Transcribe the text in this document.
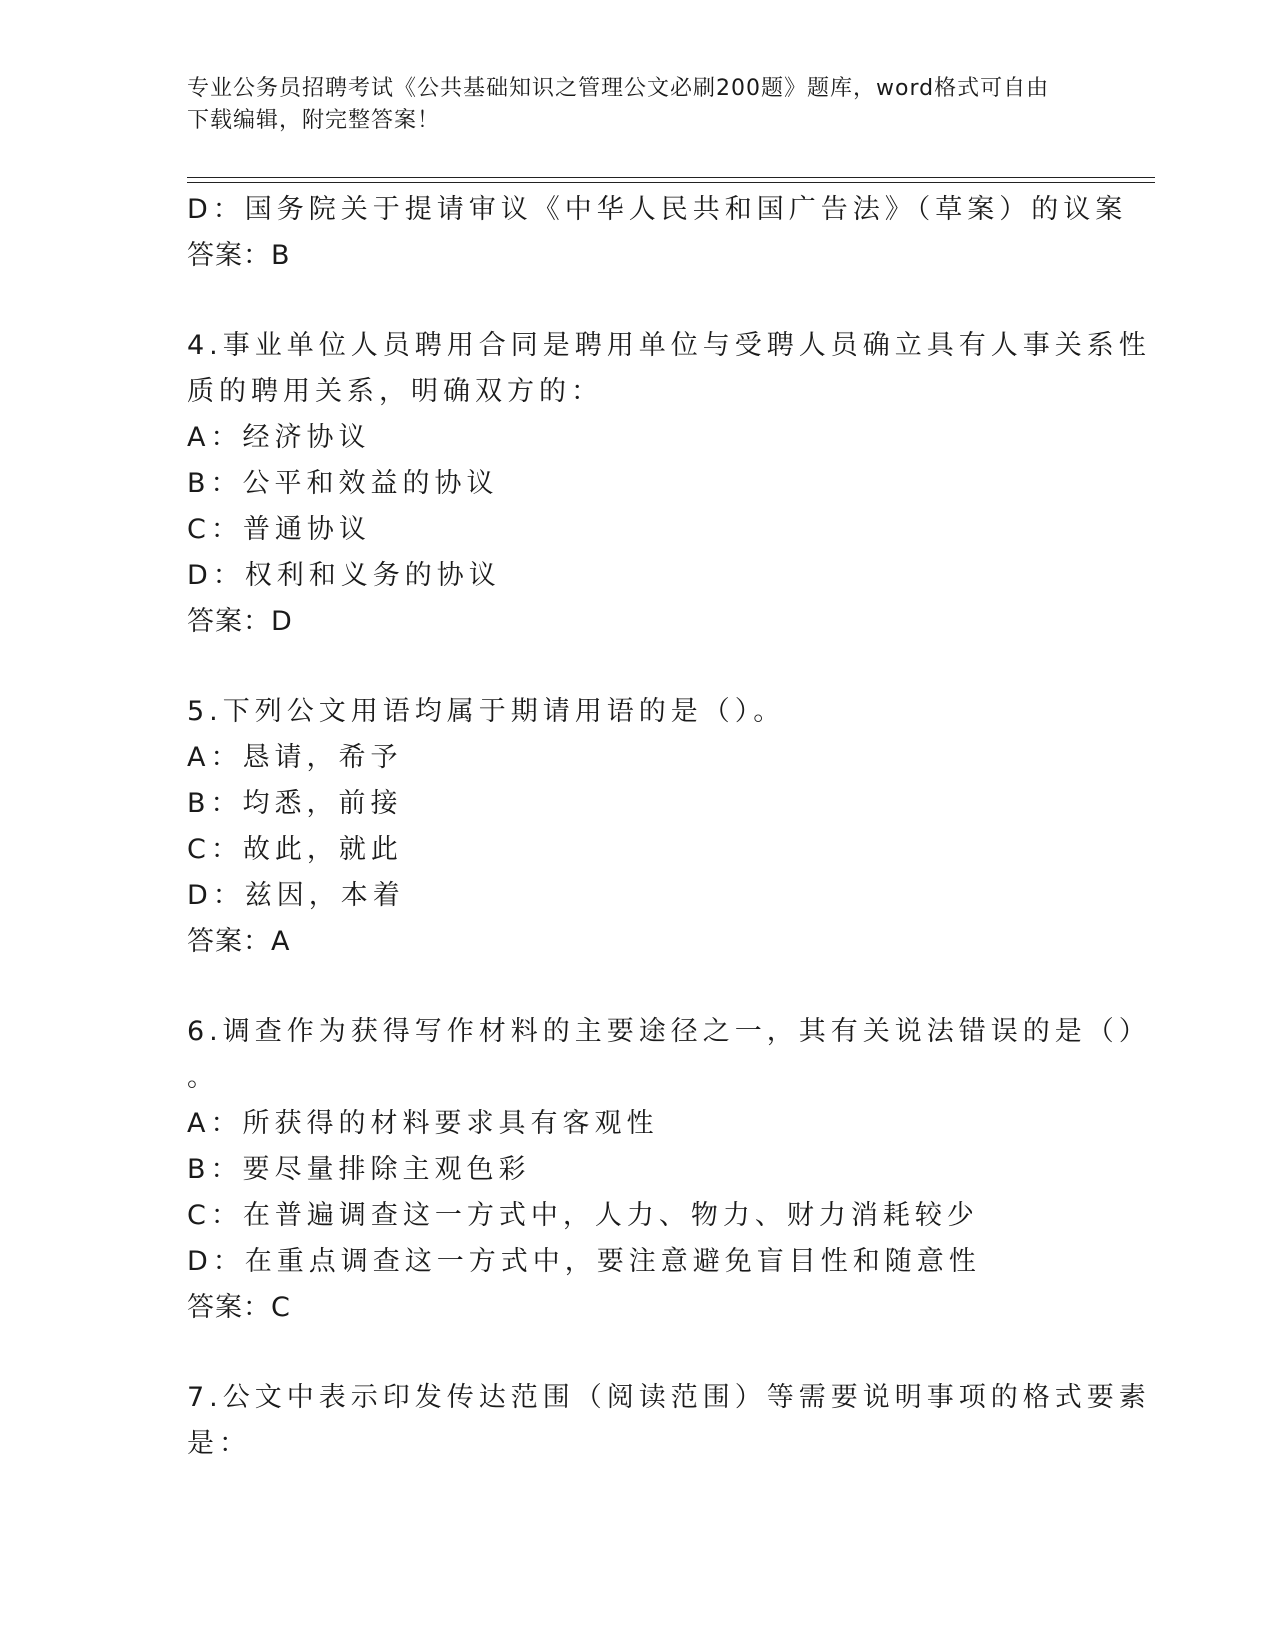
专业公务员招聘考试《公共基础知识之管理公文必刷200题》题库，word格式可自由下载编辑，附完整答案！
D：国务院关于提请审议《中华人民共和国广告法》（草案）的议案
答案：B
4.事业单位人员聘用合同是聘用单位与受聘人员确立具有人事关系性
质的聘用关系，明确双方的：
A：经济协议
B：公平和效益的协议
C：普通协议
D：权利和义务的协议
答案：D
5.下列公文用语均属于期请用语的是（）。
A：恳请，希予
B：均悉，前接
C：故此，就此
D：兹因，本着
答案：A
6.调查作为获得写作材料的主要途径之一，其有关说法错误的是（）
。
A：所获得的材料要求具有客观性
B：要尽量排除主观色彩
C：在普遍调查这一方式中，人力、物力、财力消耗较少
D：在重点调查这一方式中，要注意避免盲目性和随意性
答案：C
7.公文中表示印发传达范围（阅读范围）等需要说明事项的格式要素
是：
